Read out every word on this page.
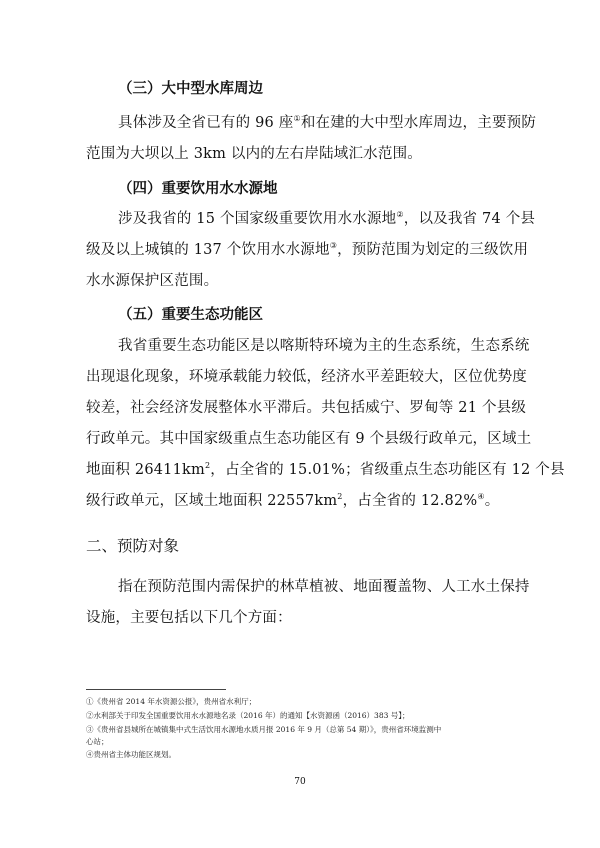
（三）大中型水库周边
具体涉及全省已有的 96 座①和在建的大中型水库周边，主要预防
范围为大坝以上 3km 以内的左右岸陆域汇水范围。
（四）重要饮用水水源地
涉及我省的 15 个国家级重要饮用水水源地②，以及我省 74 个县
级及以上城镇的 137 个饮用水水源地③，预防范围为划定的三级饮用
水水源保护区范围。
（五）重要生态功能区
我省重要生态功能区是以喀斯特环境为主的生态系统，生态系统
出现退化现象，环境承载能力较低，经济水平差距较大，区位优势度
较差，社会经济发展整体水平滞后。共包括威宁、罗甸等 21 个县级
行政单元。其中国家级重点生态功能区有 9 个县级行政单元，区域土
地面积 $26411km^2$，占全省的 15.01%；省级重点生态功能区有 12 个县
级行政单元，区域土地面积 $22557km^2$，占全省的 12.82%④。
二、预防对象
指在预防范围内需保护的林草植被、地面覆盖物、人工水土保持
设施，主要包括以下几个方面：
①《贵州省 2014 年水资源公报》，贵州省水利厅；
②水利部关于印发全国重要饮用水水源地名录（2016 年）的通知【水资源函（2016）383 号】；
③《贵州省县城所在城镇集中式生活饮用水源地水质月报 2016 年 9 月（总第 54 期）》，贵州省环境监测中
心站；
④贵州省主体功能区规划。
70
